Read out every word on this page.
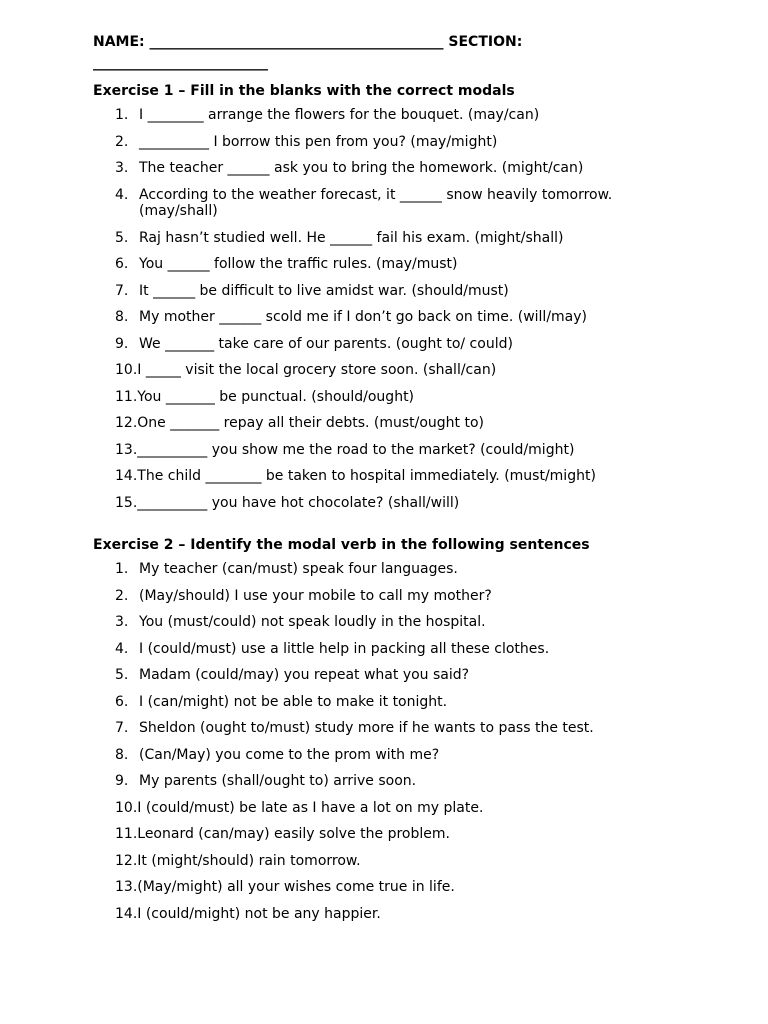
NAME: __________________________________________ SECTION:
_________________________

Exercise 1 – Fill in the blanks with the correct modals

1. I ________ arrange the flowers for the bouquet. (may/can)
2. __________ I borrow this pen from you? (may/might)
3. The teacher ______ ask you to bring the homework. (might/can)
4. According to the weather forecast, it ______ snow heavily tomorrow. (may/shall)
5. Raj hasn’t studied well. He ______ fail his exam. (might/shall)
6. You ______ follow the traffic rules. (may/must)
7. It ______ be difficult to live amidst war. (should/must)
8. My mother ______ scold me if I don’t go back on time. (will/may)
9. We _______ take care of our parents. (ought to/ could)
10. I _____ visit the local grocery store soon. (shall/can)
11. You _______ be punctual. (should/ought)
12. One _______ repay all their debts. (must/ought to)
13. __________ you show me the road to the market? (could/might)
14. The child ________ be taken to hospital immediately. (must/might)
15. __________ you have hot chocolate? (shall/will)

Exercise 2 – Identify the modal verb in the following sentences

1. My teacher (can/must) speak four languages.
2. (May/should) I use your mobile to call my mother?
3. You (must/could) not speak loudly in the hospital.
4. I (could/must) use a little help in packing all these clothes.
5. Madam (could/may) you repeat what you said?
6. I (can/might) not be able to make it tonight.
7. Sheldon (ought to/must) study more if he wants to pass the test.
8. (Can/May) you come to the prom with me?
9. My parents (shall/ought to) arrive soon.
10. I (could/must) be late as I have a lot on my plate.
11. Leonard (can/may) easily solve the problem.
12. It (might/should) rain tomorrow.
13. (May/might) all your wishes come true in life.
14. I (could/might) not be any happier.
